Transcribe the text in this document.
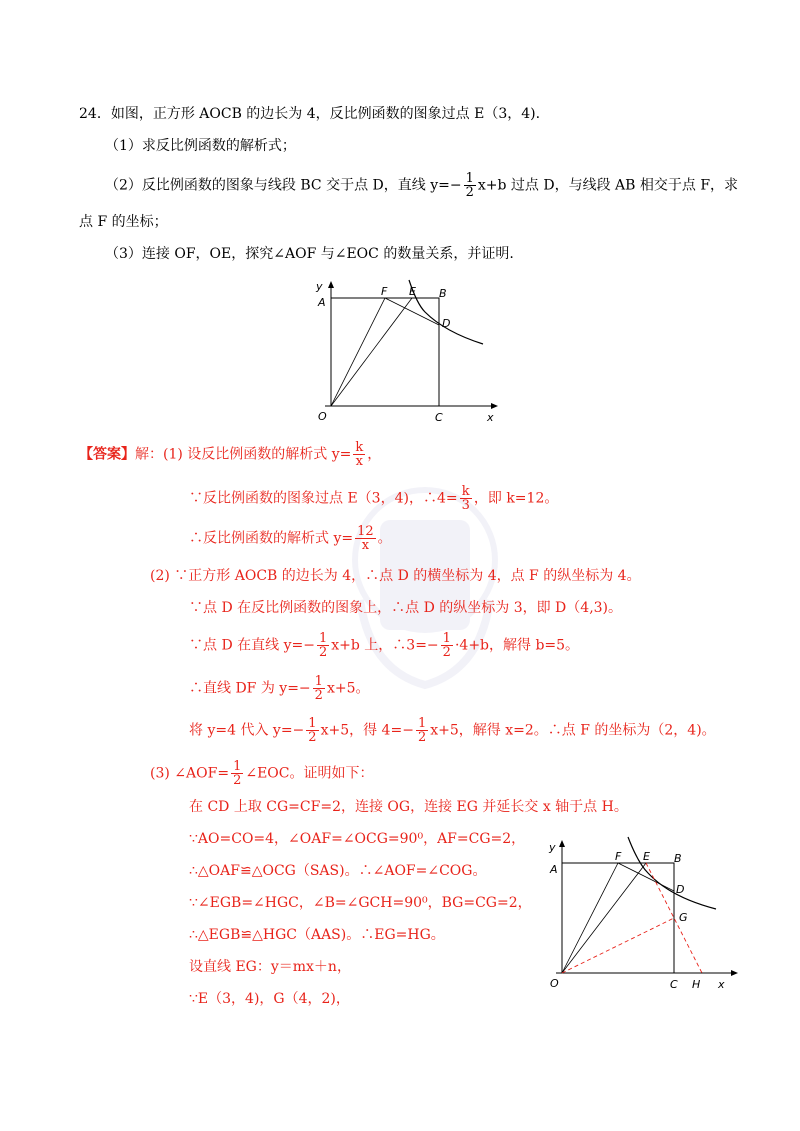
24．如图，正方形 AOCB 的边长为 4，反比例函数的图象过点 E（3，4).
（1）求反比例函数的解析式；
（2）反比例函数的图象与线段 BC 交于点 D，直线 $y=- \frac{1}{2} x+b$ 过点 D，与线段 AB 相交于点 F，求
点 F 的坐标；
（3）连接 OF，OE，探究∠AOF 与∠EOC 的数量关系，并证明.
y
A
F E B
D
O	C	x
【答案】解：(1) 设反比例函数的解析式 $y= \frac{k}{x}$ ，
∵反比例函数的图象过点 E（3，4)，∴4= $\frac{k}{3}$ ，即 k=12。
∴反比例函数的解析式 $y= \frac{12}{x}$ 。
(2) ∵正方形 AOCB 的边长为 4，∴点 D 的横坐标为 4，点 F 的纵坐标为 4。
∵点 D 在反比例函数的图象上，∴点 D 的纵坐标为 3，即 D（4,3)。
∵点 D 在直线 $y=- \frac{1}{2} x+b$ 上，∴3=− $\frac{1}{2} \cdot 4+b$，解得 b=5。
∴直线 DF 为 $y=- \frac{1}{2} x+5$。
将 y=4 代入 $y=- \frac{1}{2} x+5$，得 $4=- \frac{1}{2} x+5$，解得 x=2。∴点 F 的坐标为（2，4)。
(3) ∠AOF= $\frac{1}{2}$ ∠EOC。证明如下：
在 CD 上取 CG=CF=2，连接 OG，连接 EG 并延长交 x 轴于点 H。
∵AO=CO=4，∠OAF=∠OCG=90⁰，AF=CG=2，
∴△OAF≌△OCG（SAS)。∴∠AOF=∠COG。
∵∠EGB=∠HGC，∠B=∠GCH=90⁰，BG=CG=2，
∴△EGB≌△HGC（AAS)。∴EG=HG。
设直线 EG：y＝mx＋n，
∵E（3，4)，G（4，2)，
y
A
F E B
D
G
O	C H x
